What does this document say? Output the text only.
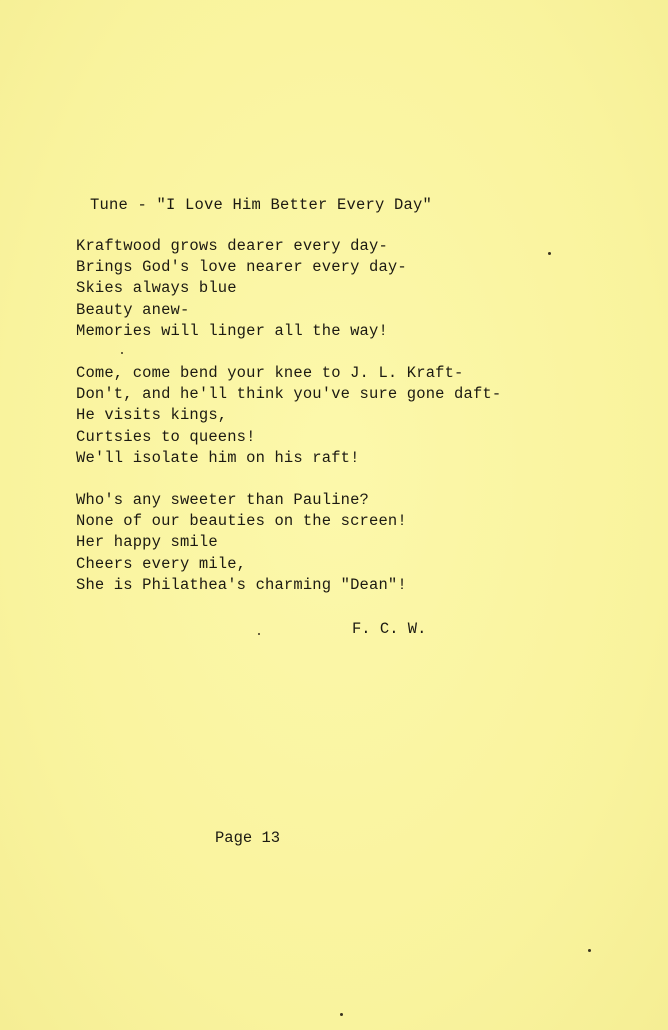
Tune - "I Love Him Better Every Day"
Kraftwood grows dearer every day-
Brings God's love nearer every day-
Skies always blue
Beauty anew-
Memories will linger all the way!
Come, come bend your knee to J. L. Kraft-
Don't, and he'll think you've sure gone daft-
He visits kings,
Curtsies to queens!
We'll isolate him on his raft!
Who's any sweeter than Pauline?
None of our beauties on the screen!
Her happy smile
Cheers every mile,
She is Philathea's charming "Dean"!
F. C. W.
Page 13
